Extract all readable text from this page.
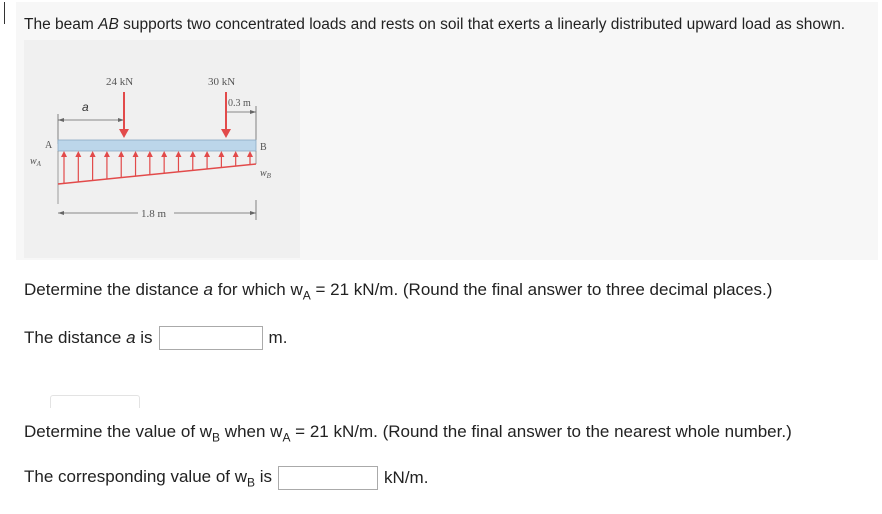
The beam AB supports two concentrated loads and rests on soil that exerts a linearly distributed upward load as shown.
24 kN	30 kN
0.3 m
a
A	B
$w_A$
$w_B$
1.8 m
Determine the distance a for which $w_A = 21$ kN/m. (Round the final answer to three decimal places.)
The distance a is	m.
Determine the value of $w_B$ when $w_A = 21$ kN/m. (Round the final answer to the nearest whole number.)
The corresponding value of $w_B$ is	kN/m.
